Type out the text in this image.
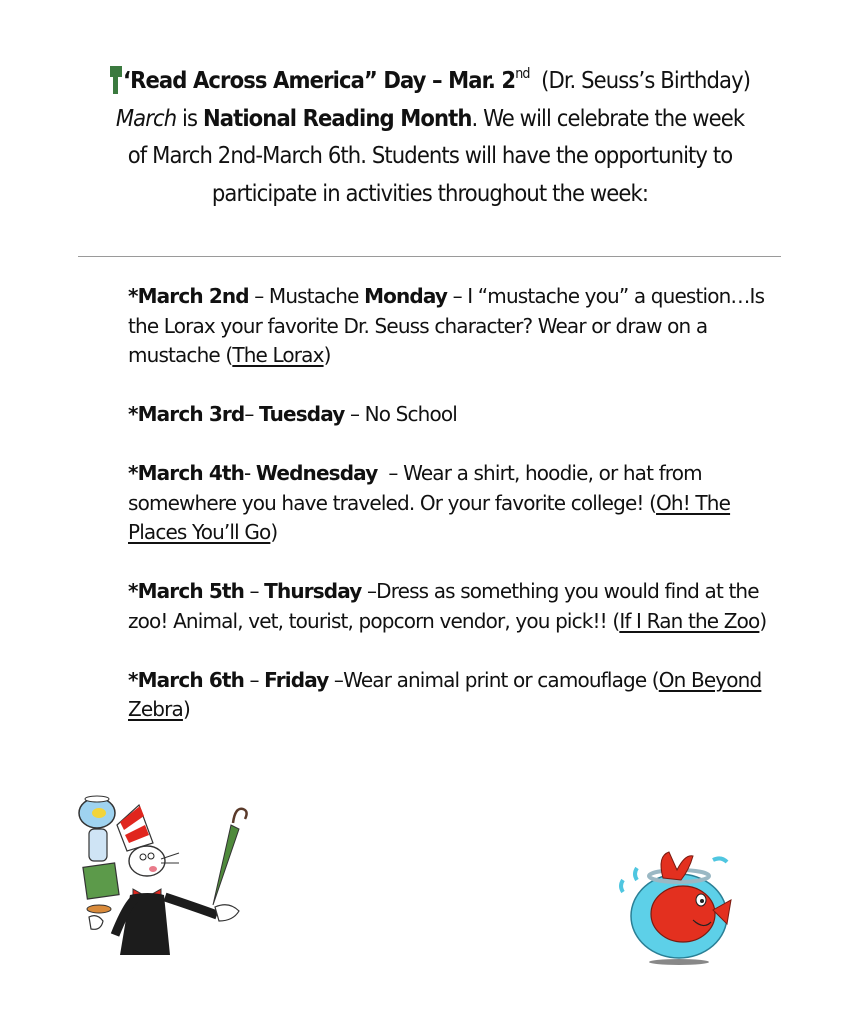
‘Read Across America” Day – Mar. 2nd (Dr. Seuss’s Birthday)
March is National Reading Month. We will celebrate the week
of March 2nd-March 6th. Students will have the opportunity to
participate in activities throughout the week:
*March 2nd – Mustache Monday – I “mustache you” a question…Is the Lorax your favorite Dr. Seuss character? Wear or draw on a mustache (The Lorax)
*March 3rd– Tuesday – No School
*March 4th- Wednesday  – Wear a shirt, hoodie, or hat from somewhere you have traveled. Or your favorite college! (Oh! The Places You’ll Go)
*March 5th – Thursday –Dress as something you would find at the zoo! Animal, vet, tourist, popcorn vendor, you pick!! (If I Ran the Zoo)
*March 6th – Friday –Wear animal print or camouflage (On Beyond Zebra)
